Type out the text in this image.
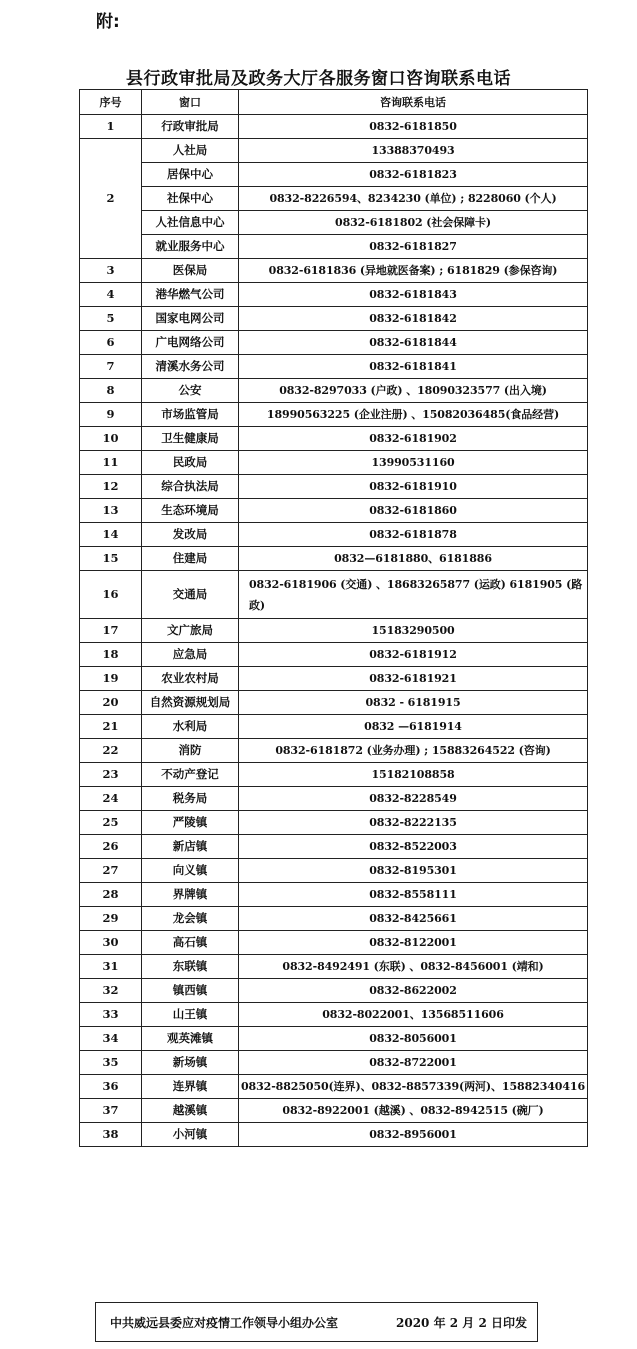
附:
县行政审批局及政务大厅各服务窗口咨询联系电话
序号	窗口	咨询联系电话
1	行政审批局	0832-6181850
2	人社局	13388370493
	居保中心	0832-6181823
	社保中心	0832-8226594、8234230 (单位) ; 8228060 (个人)
	人社信息中心	0832-6181802 (社会保障卡)
	就业服务中心	0832-6181827
3	医保局	0832-6181836 (异地就医备案) ; 6181829 (参保咨询)
4	港华燃气公司	0832-6181843
5	国家电网公司	0832-6181842
6	广电网络公司	0832-6181844
7	清溪水务公司	0832-6181841
8	公安	0832-8297033 (户政) 、18090323577 (出入境)
9	市场监管局	18990563225 (企业注册) 、15082036485(食品经营)
10	卫生健康局	0832-6181902
11	民政局	13990531160
12	综合执法局	0832-6181910
13	生态环境局	0832-6181860
14	发改局	0832-6181878
15	住建局	0832—6181880、6181886
16	交通局	0832-6181906 (交通) 、18683265877 (运政) 6181905 (路政)
17	文广旅局	15183290500
18	应急局	0832-6181912
19	农业农村局	0832-6181921
20	自然资源规划局	0832 - 6181915
21	水利局	0832 —6181914
22	消防	0832-6181872 (业务办理) ; 15883264522 (咨询)
23	不动产登记	15182108858
24	税务局	0832-8228549
25	严陵镇	0832-8222135
26	新店镇	0832-8522003
27	向义镇	0832-8195301
28	界牌镇	0832-8558111
29	龙会镇	0832-8425661
30	高石镇	0832-8122001
31	东联镇	0832-8492491 (东联) 、0832-8456001 (靖和)
32	镇西镇	0832-8622002
33	山王镇	0832-8022001、13568511606
34	观英滩镇	0832-8056001
35	新场镇	0832-8722001
36	连界镇	0832-8825050(连界)、0832-8857339(两河)、15882340416
37	越溪镇	0832-8922001 (越溪) 、0832-8942515 (碗厂)
38	小河镇	0832-8956001
中共威远县委应对疫情工作领导小组办公室	2020 年 2 月 2 日印发
